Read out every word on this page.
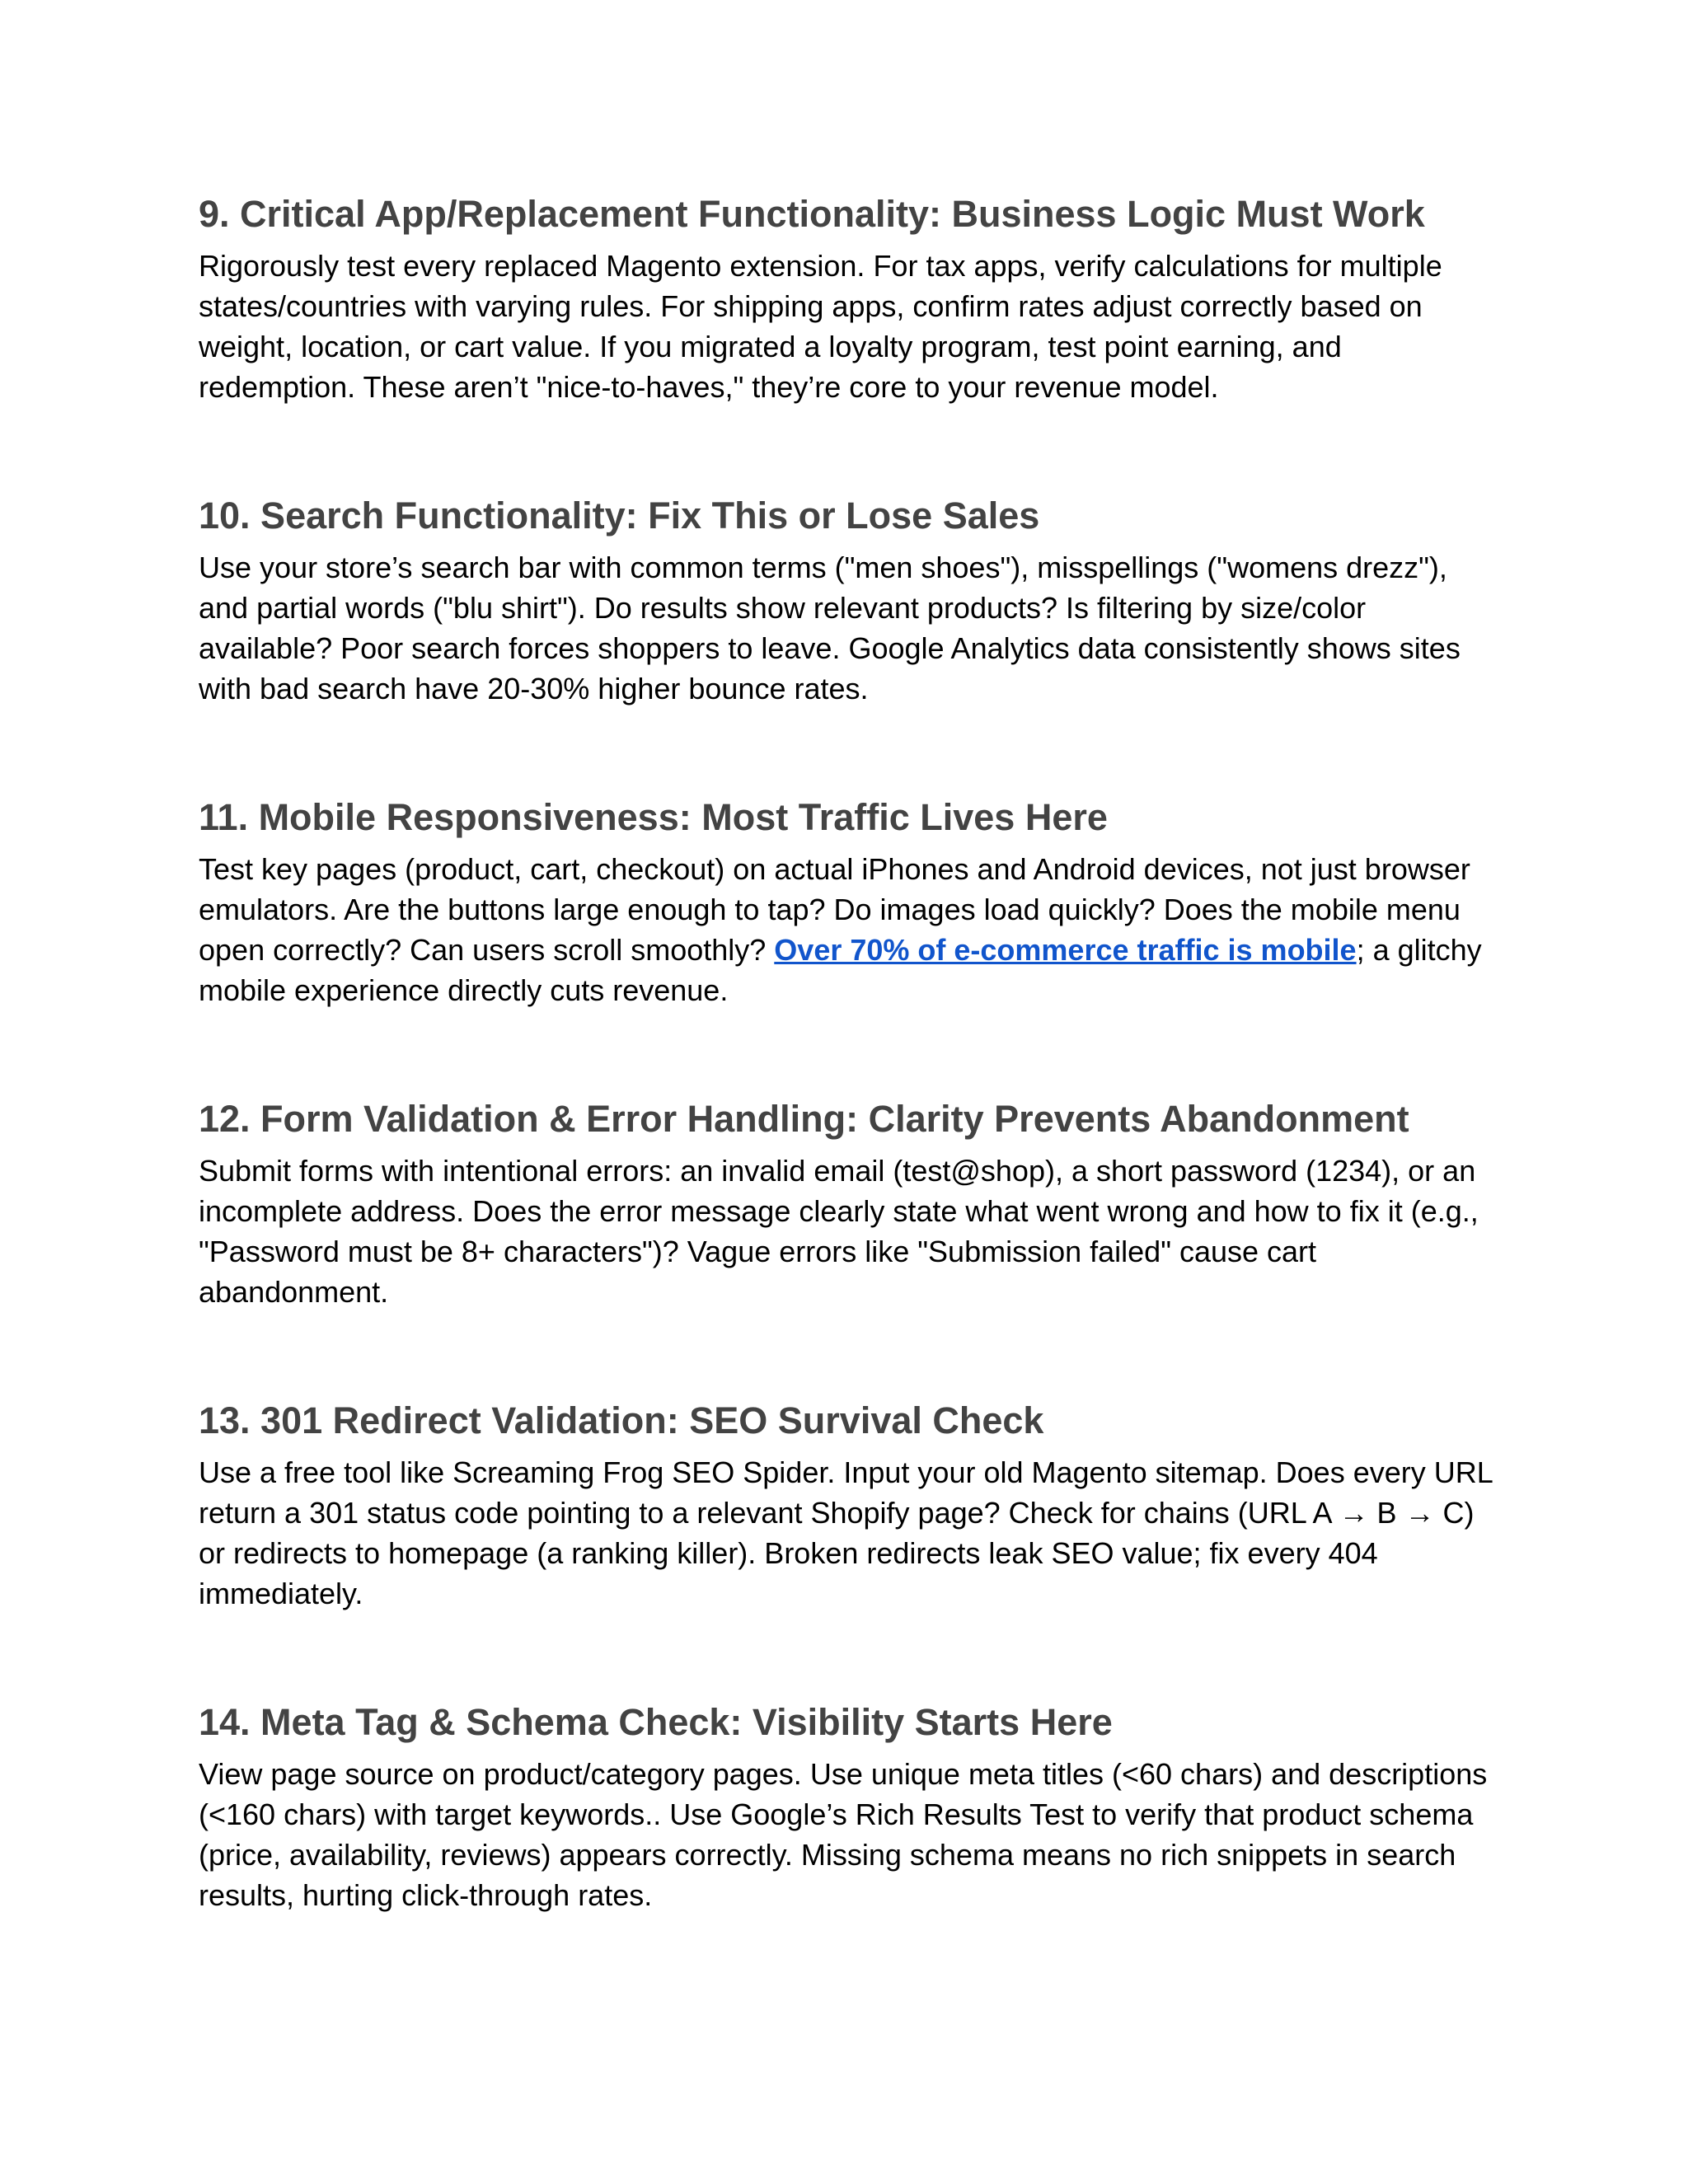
9. Critical App/Replacement Functionality: Business Logic Must Work

Rigorously test every replaced Magento extension. For tax apps, verify calculations for multiple states/countries with varying rules. For shipping apps, confirm rates adjust correctly based on weight, location, or cart value. If you migrated a loyalty program, test point earning, and redemption. These aren’t "nice-to-haves," they’re core to your revenue model.

10. Search Functionality: Fix This or Lose Sales

Use your store’s search bar with common terms ("men shoes"), misspellings ("womens drezz"), and partial words ("blu shirt"). Do results show relevant products? Is filtering by size/color available? Poor search forces shoppers to leave. Google Analytics data consistently shows sites with bad search have 20-30% higher bounce rates.

11. Mobile Responsiveness: Most Traffic Lives Here

Test key pages (product, cart, checkout) on actual iPhones and Android devices, not just browser emulators. Are the buttons large enough to tap? Do images load quickly? Does the mobile menu open correctly? Can users scroll smoothly? Over 70% of e-commerce traffic is mobile; a glitchy mobile experience directly cuts revenue.

12. Form Validation & Error Handling: Clarity Prevents Abandonment

Submit forms with intentional errors: an invalid email (test@shop), a short password (1234), or an incomplete address. Does the error message clearly state what went wrong and how to fix it (e.g., "Password must be 8+ characters")? Vague errors like "Submission failed" cause cart abandonment.

13. 301 Redirect Validation: SEO Survival Check

Use a free tool like Screaming Frog SEO Spider. Input your old Magento sitemap. Does every URL return a 301 status code pointing to a relevant Shopify page? Check for chains (URL A → B → C) or redirects to homepage (a ranking killer). Broken redirects leak SEO value; fix every 404 immediately.

14. Meta Tag & Schema Check: Visibility Starts Here

View page source on product/category pages. Use unique meta titles (<60 chars) and descriptions (<160 chars) with target keywords.. Use Google’s Rich Results Test to verify that product schema (price, availability, reviews) appears correctly. Missing schema means no rich snippets in search results, hurting click-through rates.
